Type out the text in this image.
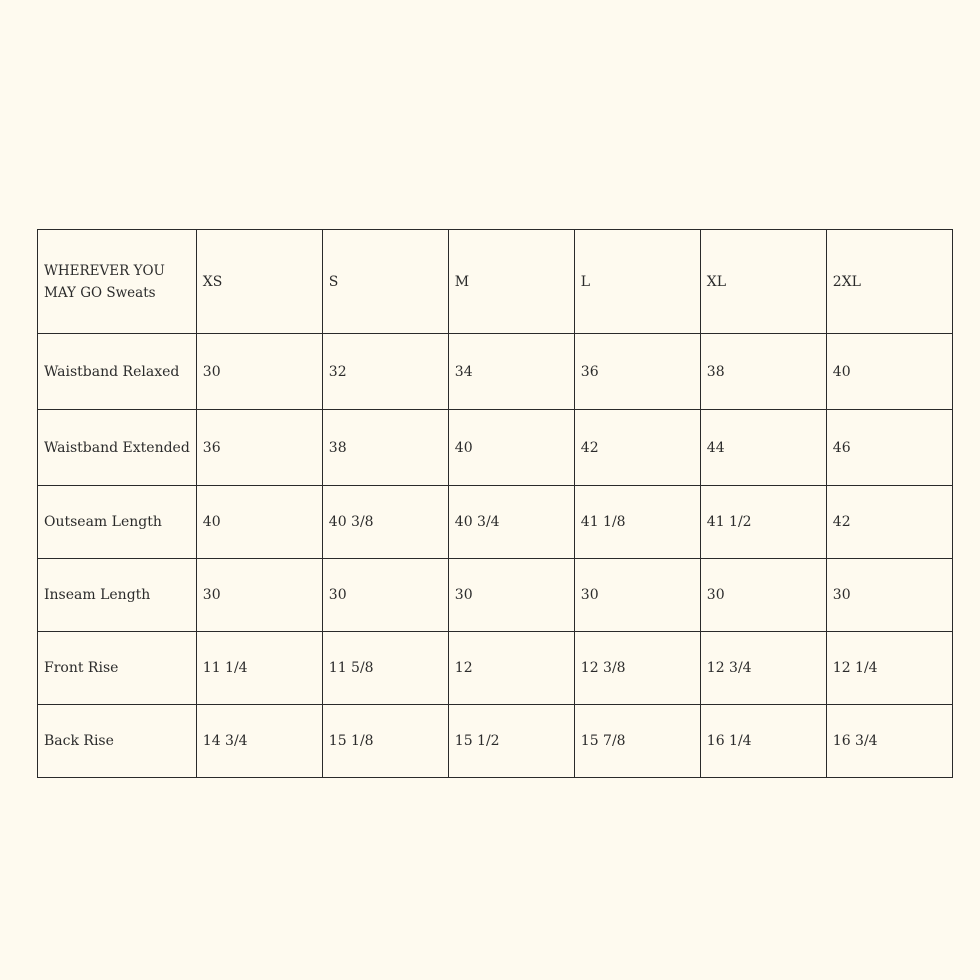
WHEREVER YOU MAY GO Sweats	XS	S	M	L	XL	2XL
Waistband Relaxed	30	32	34	36	38	40
Waistband Extended	36	38	40	42	44	46
Outseam Length	40	40 3/8	40 3/4	41 1/8	41 1/2	42
Inseam Length	30	30	30	30	30	30
Front Rise	11 1/4	11 5/8	12	12 3/8	12 3/4	12 1/4
Back Rise	14 3/4	15 1/8	15 1/2	15 7/8	16 1/4	16 3/4
